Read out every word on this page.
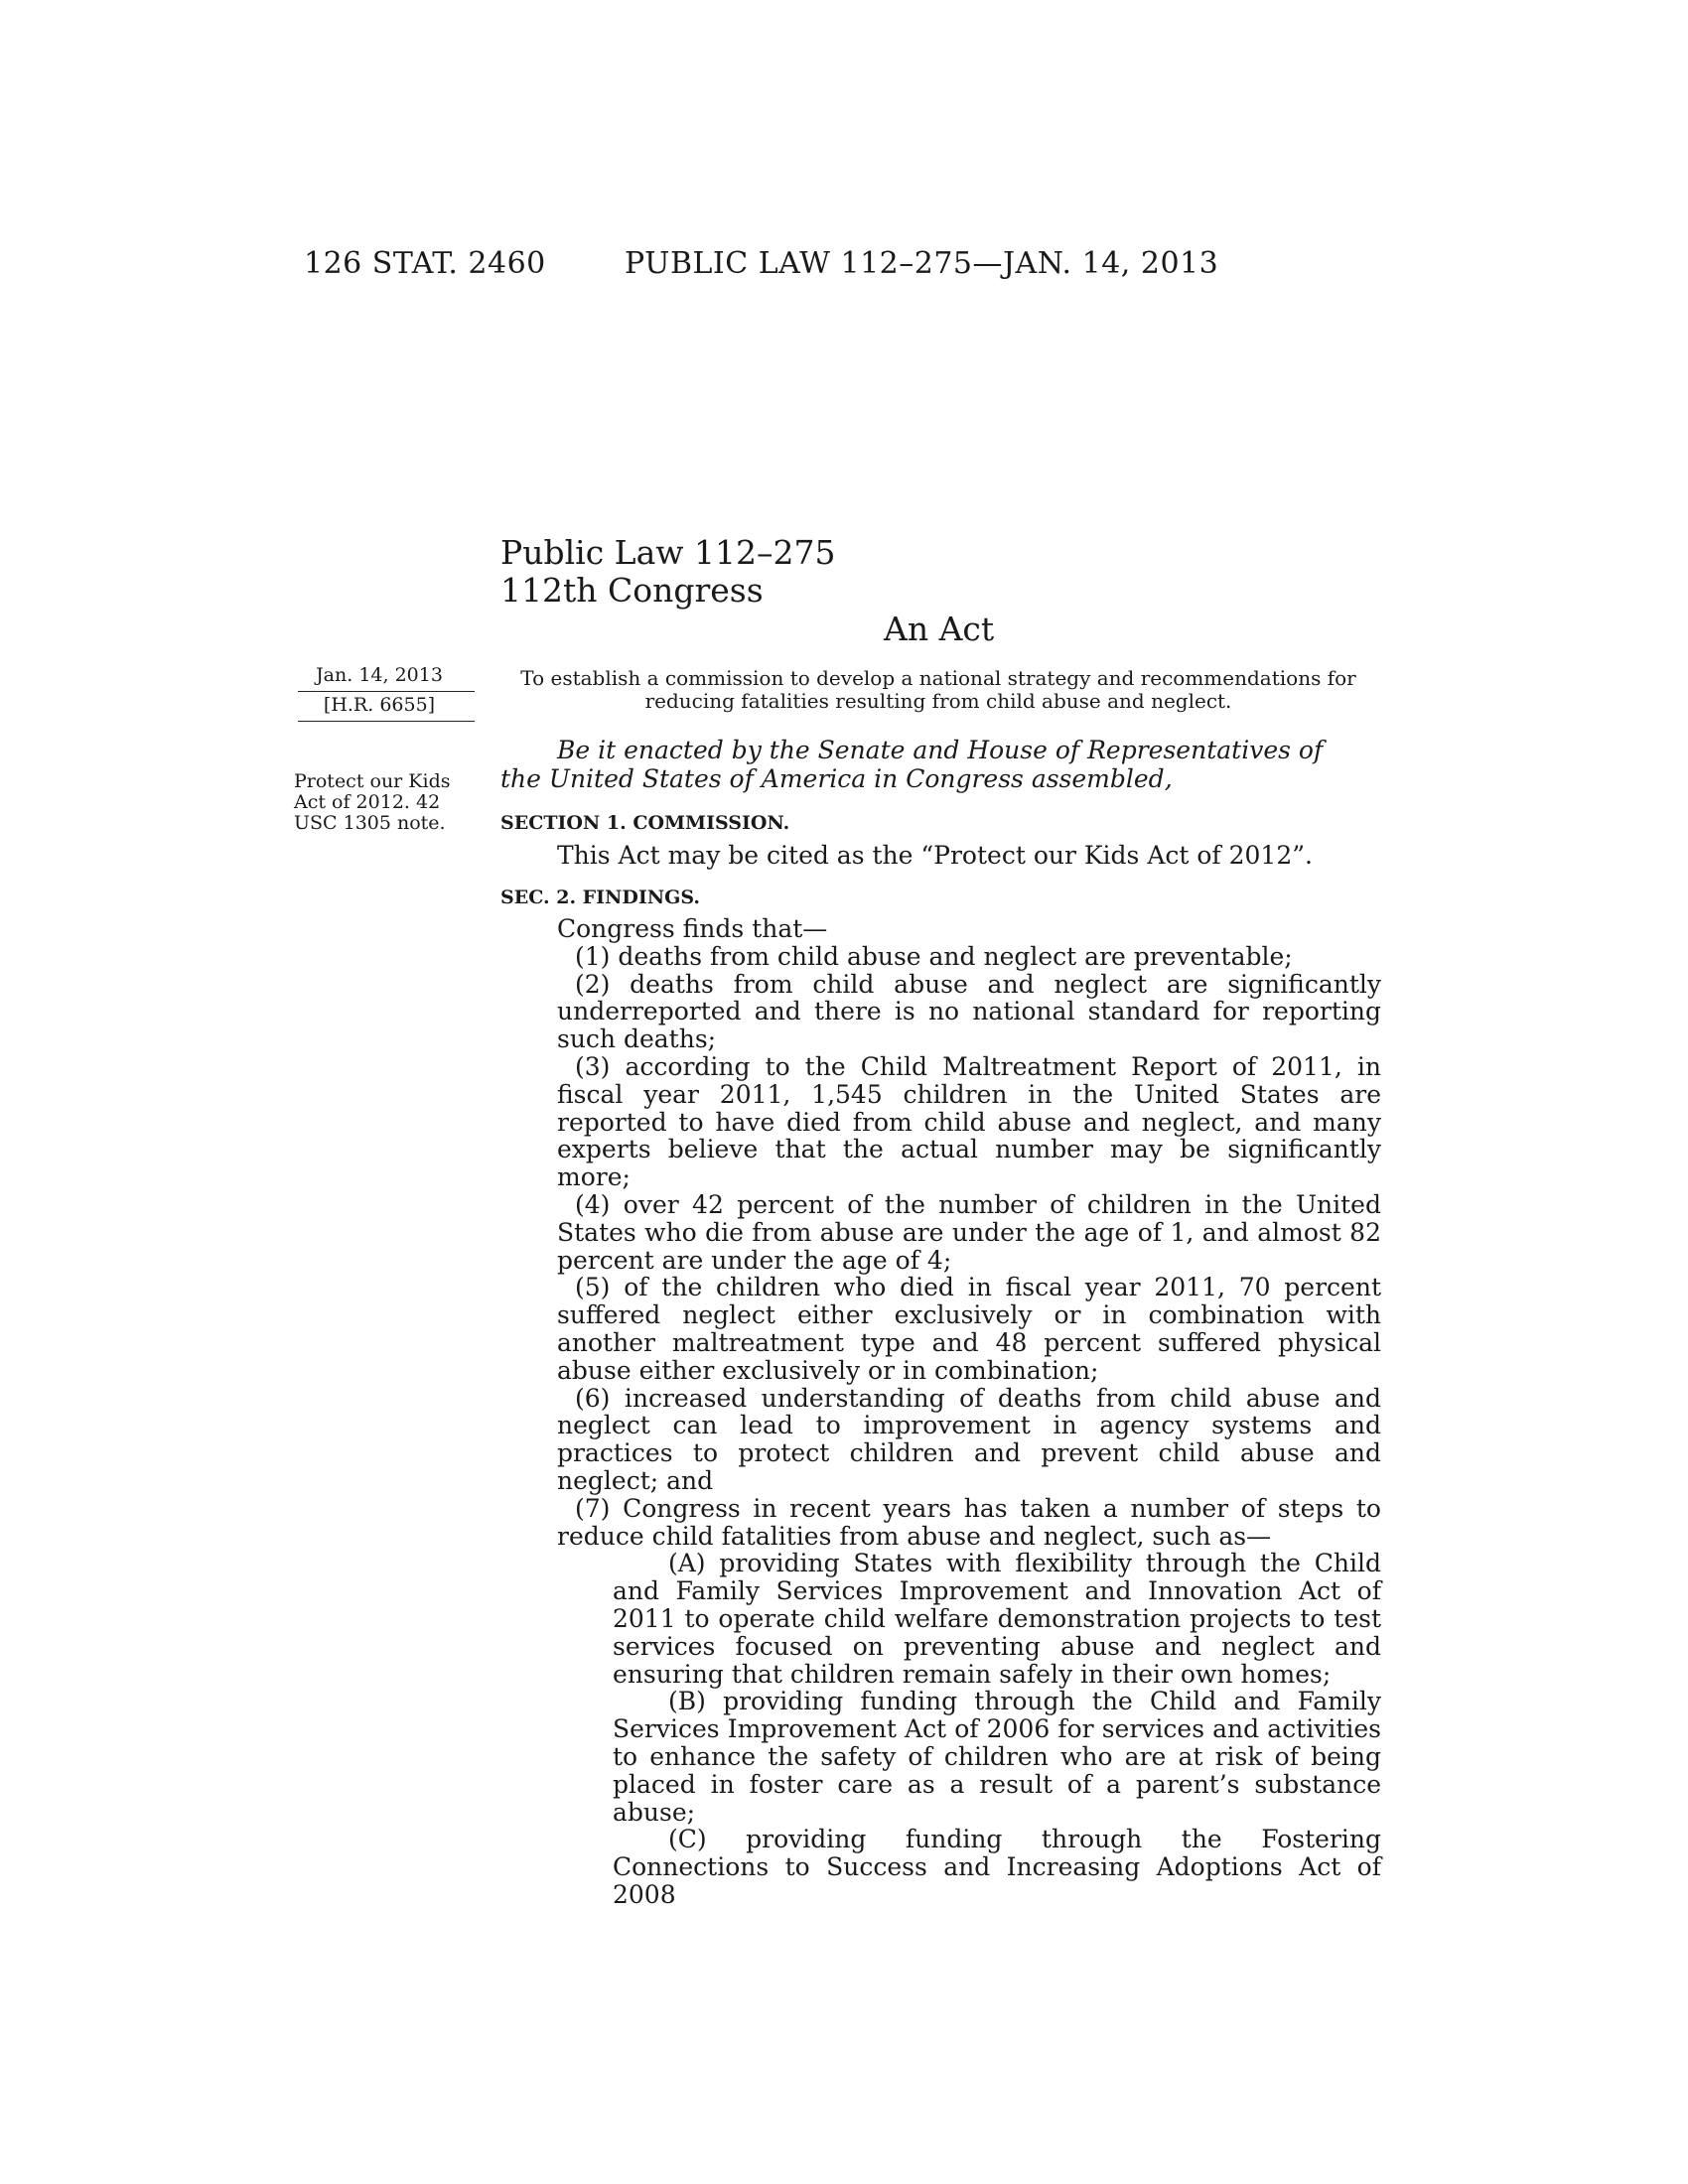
126 STAT. 2460	PUBLIC LAW 112–275—JAN. 14, 2013
Public Law 112–275
112th Congress
An Act
Jan. 14, 2013
[H.R. 6655]
Protect our Kids Act of 2012. 42 USC 1305 note.
To establish a commission to develop a national strategy and recommendations for reducing fatalities resulting from child abuse and neglect.
Be it enacted by the Senate and House of Representatives of
the United States of America in Congress assembled,
SECTION 1. COMMISSION.
This Act may be cited as the “Protect our Kids Act of 2012”.
SEC. 2. FINDINGS.

Congress finds that—

(1) deaths from child abuse and neglect are preventable;

(2) deaths from child abuse and neglect are significantly underreported and there is no national standard for reporting such deaths;

(3) according to the Child Maltreatment Report of 2011, in fiscal year 2011, 1,545 children in the United States are reported to have died from child abuse and neglect, and many experts believe that the actual number may be significantly more;

(4) over 42 percent of the number of children in the United States who die from abuse are under the age of 1, and almost 82 percent are under the age of 4;

(5) of the children who died in fiscal year 2011, 70 percent suffered neglect either exclusively or in combination with another maltreatment type and 48 percent suffered physical abuse either exclusively or in combination;

(6) increased understanding of deaths from child abuse and neglect can lead to improvement in agency systems and practices to protect children and prevent child abuse and neglect; and

(7) Congress in recent years has taken a number of steps to reduce child fatalities from abuse and neglect, such as—

(A) providing States with flexibility through the Child and Family Services Improvement and Innovation Act of 2011 to operate child welfare demonstration projects to test services focused on preventing abuse and neglect and ensuring that children remain safely in their own homes;

(B) providing funding through the Child and Family Services Improvement Act of 2006 for services and activities to enhance the safety of children who are at risk of being placed in foster care as a result of a parent’s substance abuse;

(C) providing funding through the Fostering Connections to Success and Increasing Adoptions Act of 2008
